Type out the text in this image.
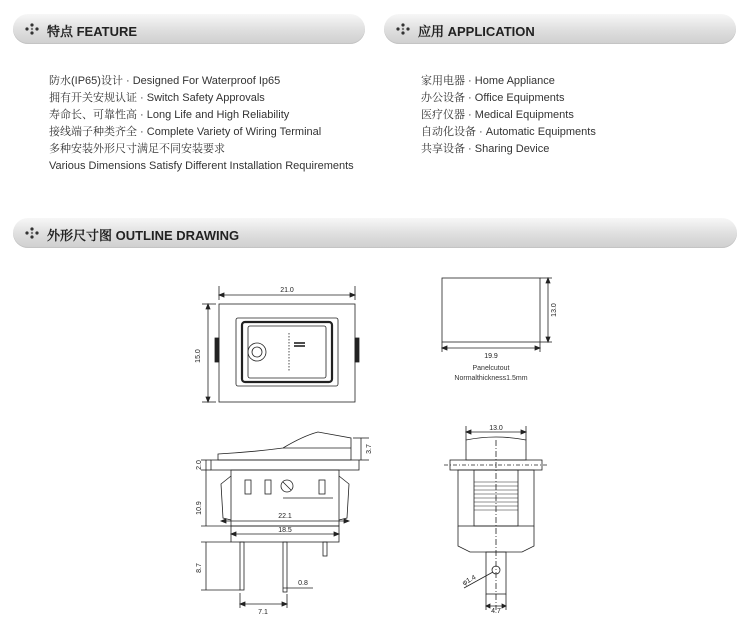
特点 FEATURE	应用 APPLICATION
防水(IP65)设计 · Designed For Waterproof Ip65
拥有开关安规认证 · Switch Safety Approvals
寿命长、可靠性高 · Long Life and High Reliability
接线端子种类齐全 · Complete Variety of Wiring Terminal
多种安装外形尺寸满足不同安装要求
Various Dimensions Satisfy Different Installation Requirements
家用电器 · Home Appliance
办公设备 · Office Equipments
医疗仪器 · Medical Equipments
自动化设备 · Automatic Equipments
共享设备 · Sharing Device
外形尺寸图 OUTLINE DRAWING
21.0
15.0
13.0
19.9
Panelcutout
Normalthickness1.5mm
2.0
10.9
8.7
3.7
22.1
18.5
0.8
7.1
13.0
φ1.4
4.7
